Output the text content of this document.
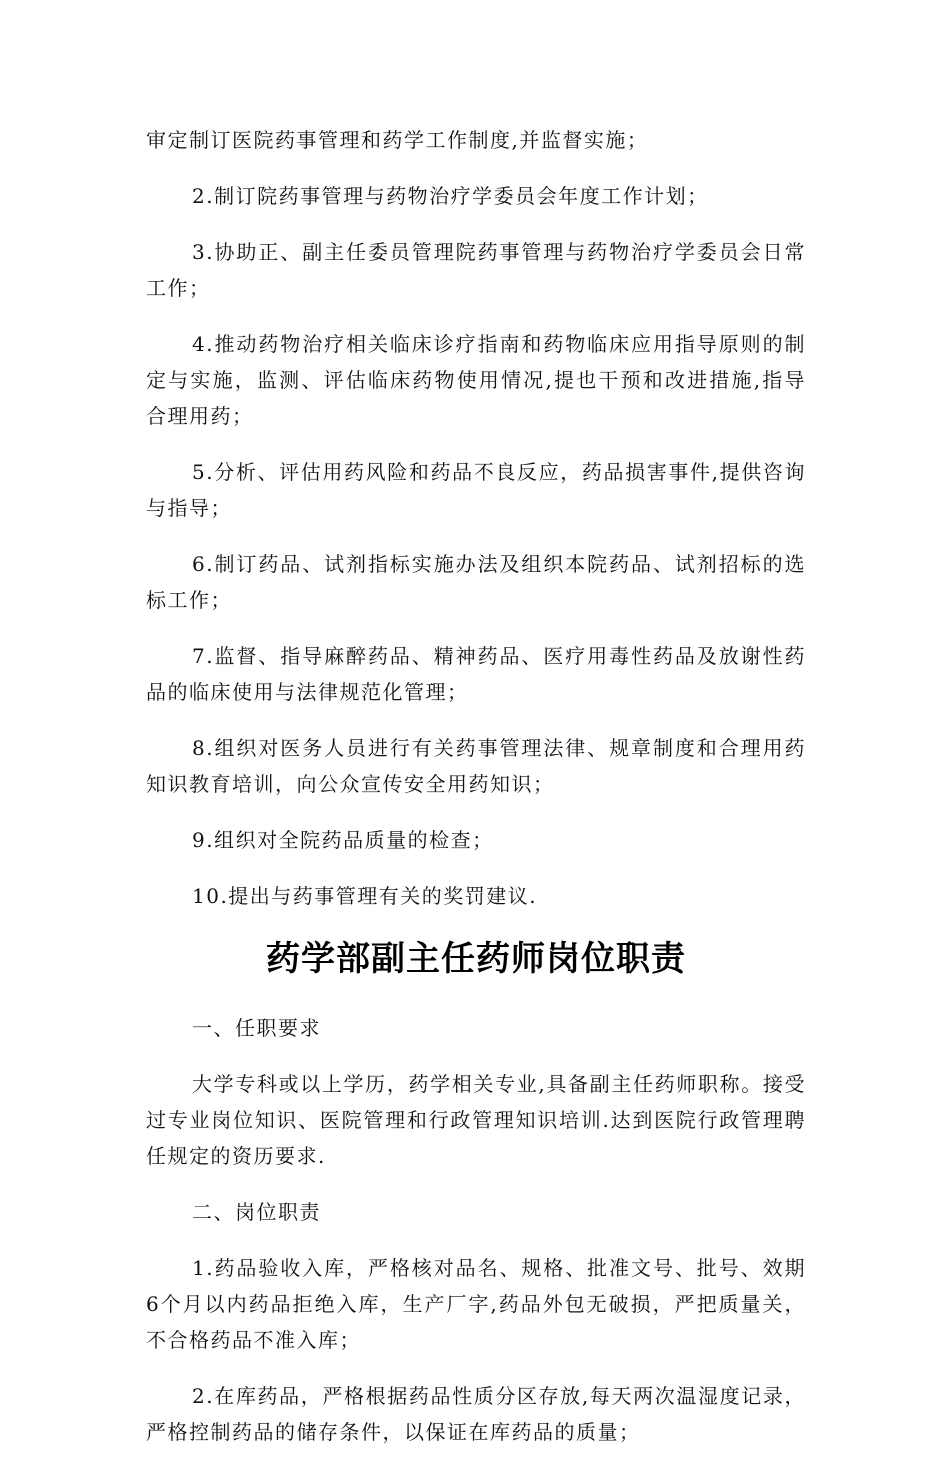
审定制订医院药事管理和药学工作制度,并监督实施；

2.制订院药事管理与药物治疗学委员会年度工作计划；

3.协助正、副主任委员管理院药事管理与药物治疗学委员会日常工作；

4.推动药物治疗相关临床诊疗指南和药物临床应用指导原则的制定与实施，监测、评估临床药物使用情况,提也干预和改进措施,指导合理用药；

5.分析、评估用药风险和药品不良反应，药品损害事件,提供咨询与指导；

6.制订药品、试剂指标实施办法及组织本院药品、试剂招标的选标工作；

7.监督、指导麻醉药品、精神药品、医疗用毒性药品及放谢性药品的临床使用与法律规范化管理；

8.组织对医务人员进行有关药事管理法律、规章制度和合理用药知识教育培训，向公众宣传安全用药知识；

9.组织对全院药品质量的检查；

10.提出与药事管理有关的奖罚建议.

药学部副主任药师岗位职责

一、任职要求

大学专科或以上学历，药学相关专业,具备副主任药师职称。接受过专业岗位知识、医院管理和行政管理知识培训.达到医院行政管理聘任规定的资历要求.

二、岗位职责

1.药品验收入库，严格核对品名、规格、批准文号、批号、效期6个月以内药品拒绝入库，生产厂字,药品外包无破损，严把质量关，不合格药品不准入库；

2.在库药品，严格根据药品性质分区存放,每天两次温湿度记录，严格控制药品的储存条件，以保证在库药品的质量；
